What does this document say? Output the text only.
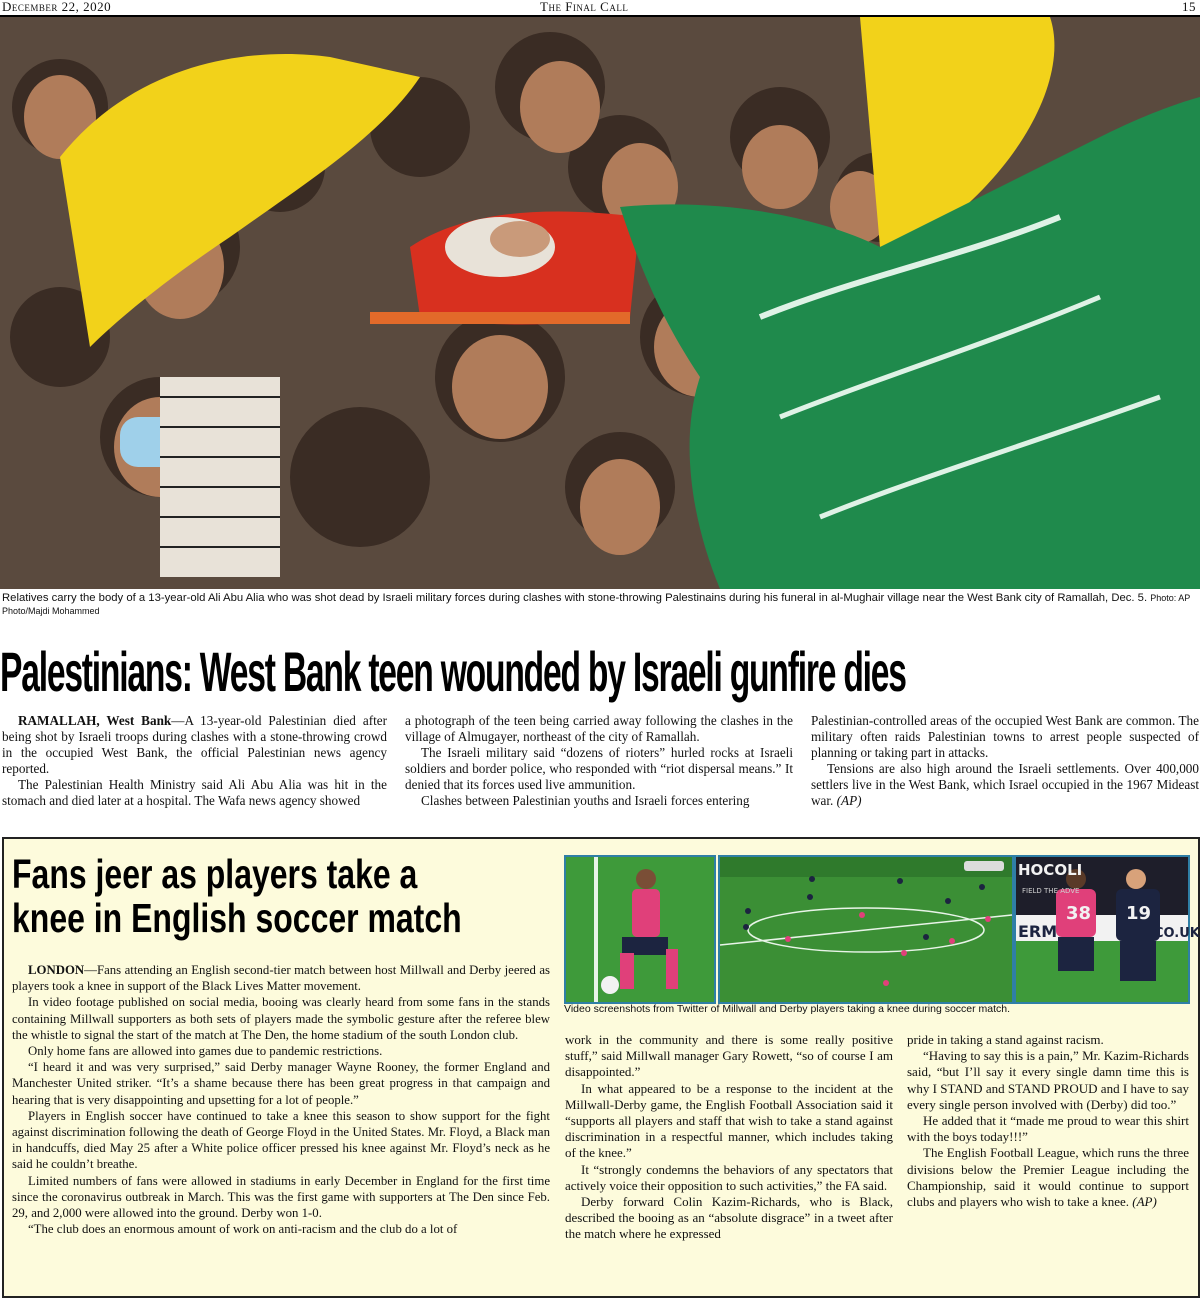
December 22, 2020	The Final Call	15
Relatives carry the body of a 13-year-old Ali Abu Alia who was shot dead by Israeli military forces during clashes with stone-throwing Palestinains during his funeral in al-Mughair village near the West Bank city of Ramallah, Dec. 5. Photo: AP Photo/Majdi Mohammed
Palestinians: West Bank teen wounded by Israeli gunfire dies

RAMALLAH, West Bank—A 13-year-old Palestinian died after being shot by Israeli troops during clashes with a stone-throwing crowd in the occupied West Bank, the official Palestinian news agency reported.

The Palestinian Health Ministry said Ali Abu Alia was hit in the stomach and died later at a hospital. The Wafa news agency showed

a photograph of the teen being carried away following the clashes in the village of Almugayer, northeast of the city of Ramallah.

The Israeli military said “dozens of rioters” hurled rocks at Israeli soldiers and border police, who responded with “riot dispersal means.” It denied that its forces used live ammunition.

Clashes between Palestinian youths and Israeli forces entering

Palestinian-controlled areas of the occupied West Bank are common. The military often raids Palestinian towns to arrest people suspected of planning or taking part in attacks.

Tensions are also high around the Israeli settlements. Over 400,000 settlers live in the West Bank, which Israel occupied in the 1967 Mideast war. (AP)

Fans jeer as players take a
knee in English soccer match
HOCOLI
FIELD THE ADVE
ERM	CO.UK
38 19
Video screenshots from Twitter of Millwall and Derby players taking a knee during soccer match.

LONDON—Fans attending an English second-tier match between host Millwall and Derby jeered as players took a knee in support of the Black Lives Matter movement.

In video footage published on social media, booing was clearly heard from some fans in the stands containing Millwall supporters as both sets of players made the symbolic gesture after the referee blew the whistle to signal the start of the match at The Den, the home stadium of the south London club.

Only home fans are allowed into games due to pandemic restrictions.

“I heard it and was very surprised,” said Derby manager Wayne Rooney, the former England and Manchester United striker. “It’s a shame because there has been great progress in that campaign and hearing that is very disappointing and upsetting for a lot of people.”

Players in English soccer have continued to take a knee this season to show support for the fight against discrimination following the death of George Floyd in the United States. Mr. Floyd, a Black man in handcuffs, died May 25 after a White police officer pressed his knee against Mr. Floyd’s neck as he said he couldn’t breathe.

Limited numbers of fans were allowed in stadiums in early December in England for the first time since the coronavirus outbreak in March. This was the first game with supporters at The Den since Feb. 29, and 2,000 were allowed into the ground. Derby won 1-0.

“The club does an enormous amount of work on anti-racism and the club do a lot of

work in the community and there is some really positive stuff,” said Millwall manager Gary Rowett, “so of course I am disappointed.”

In what appeared to be a response to the incident at the Millwall-Derby game, the English Football Association said it “supports all players and staff that wish to take a stand against discrimination in a respectful manner, which includes taking of the knee.”

It “strongly condemns the behaviors of any spectators that actively voice their opposition to such activities,” the FA said.

Derby forward Colin Kazim-Richards, who is Black, described the booing as an “absolute disgrace” in a tweet after the match where he expressed

pride in taking a stand against racism.

“Having to say this is a pain,” Mr. Kazim-Richards said, “but I’ll say it every single damn time this is why I STAND and STAND PROUD and I have to say every single person involved with (Derby) did too.”

He added that it “made me proud to wear this shirt with the boys today!!!”

The English Football League, which runs the three divisions below the Premier League including the Championship, said it would continue to support clubs and players who wish to take a knee. (AP)
